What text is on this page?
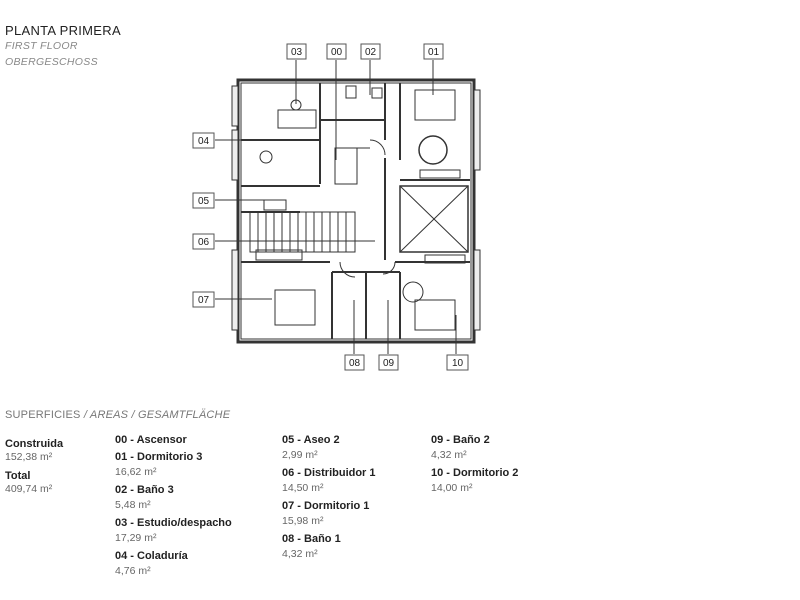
PLANTA PRIMERA
FIRST FLOOR
OBERGESCHOSS
03	00 02	01
04
05
06
07
08 09	10
SUPERFICIES / AREAS / GESAMTFLÄCHE
Construida
152,38 m²
Total
409,74 m²
00 - Ascensor
01 - Dormitorio 3
16,62 m²
02 - Baño 3
5,48 m²
03 - Estudio/despacho
17,29 m²
04 - Coladuría
4,76 m²
05 - Aseo 2
2,99 m²
06 - Distribuidor 1
14,50 m²
07 - Dormitorio 1
15,98 m²
08 - Baño 1
4,32 m²
09 - Baño 2
4,32 m²
10 - Dormitorio 2
14,00 m²
